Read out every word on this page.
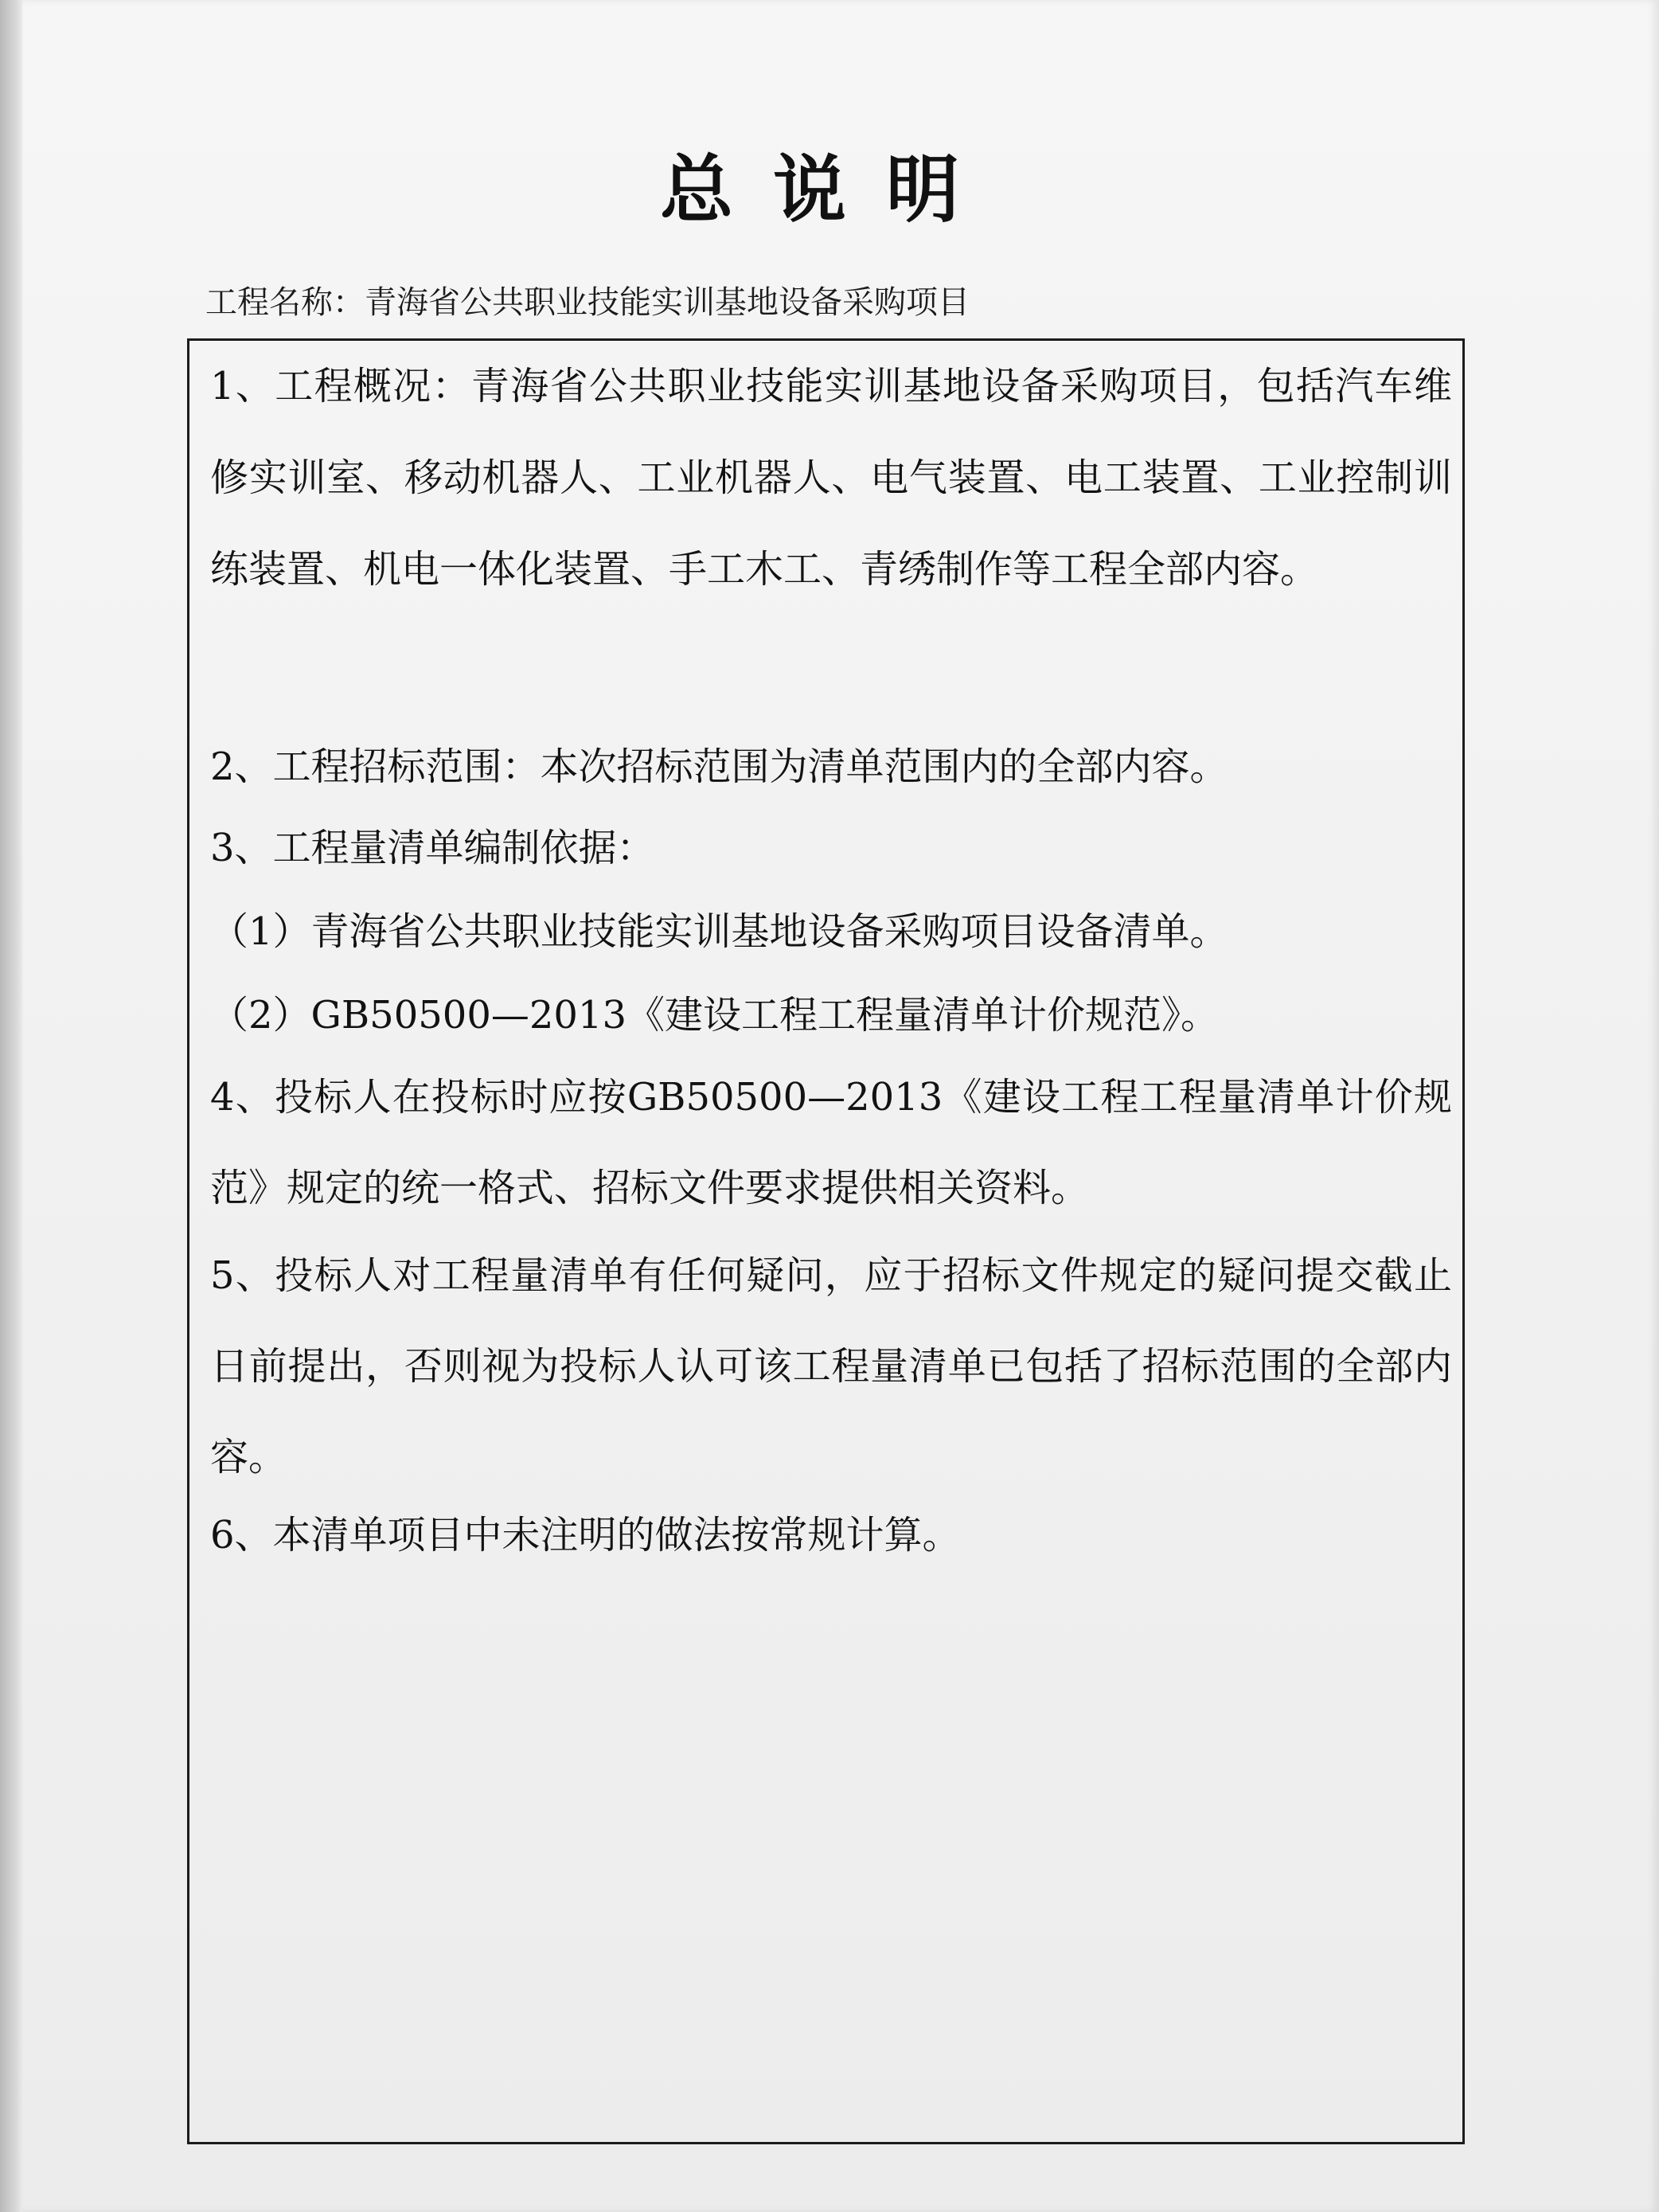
总说明
工程名称：青海省公共职业技能实训基地设备采购项目

1、工程概况：青海省公共职业技能实训基地设备采购项目，包括汽车维修实训室、移动机器人、工业机器人、电气装置、电工装置、工业控制训练装置、机电一体化装置、手工木工、青绣制作等工程全部内容。

2、工程招标范围：本次招标范围为清单范围内的全部内容。

3、工程量清单编制依据：

（1）青海省公共职业技能实训基地设备采购项目设备清单。

（2）GB50500—2013《建设工程工程量清单计价规范》。

4、投标人在投标时应按GB50500—2013《建设工程工程量清单计价规范》规定的统一格式、招标文件要求提供相关资料。

5、投标人对工程量清单有任何疑问，应于招标文件规定的疑问提交截止日前提出，否则视为投标人认可该工程量清单已包括了招标范围的全部内容。

6、本清单项目中未注明的做法按常规计算。
